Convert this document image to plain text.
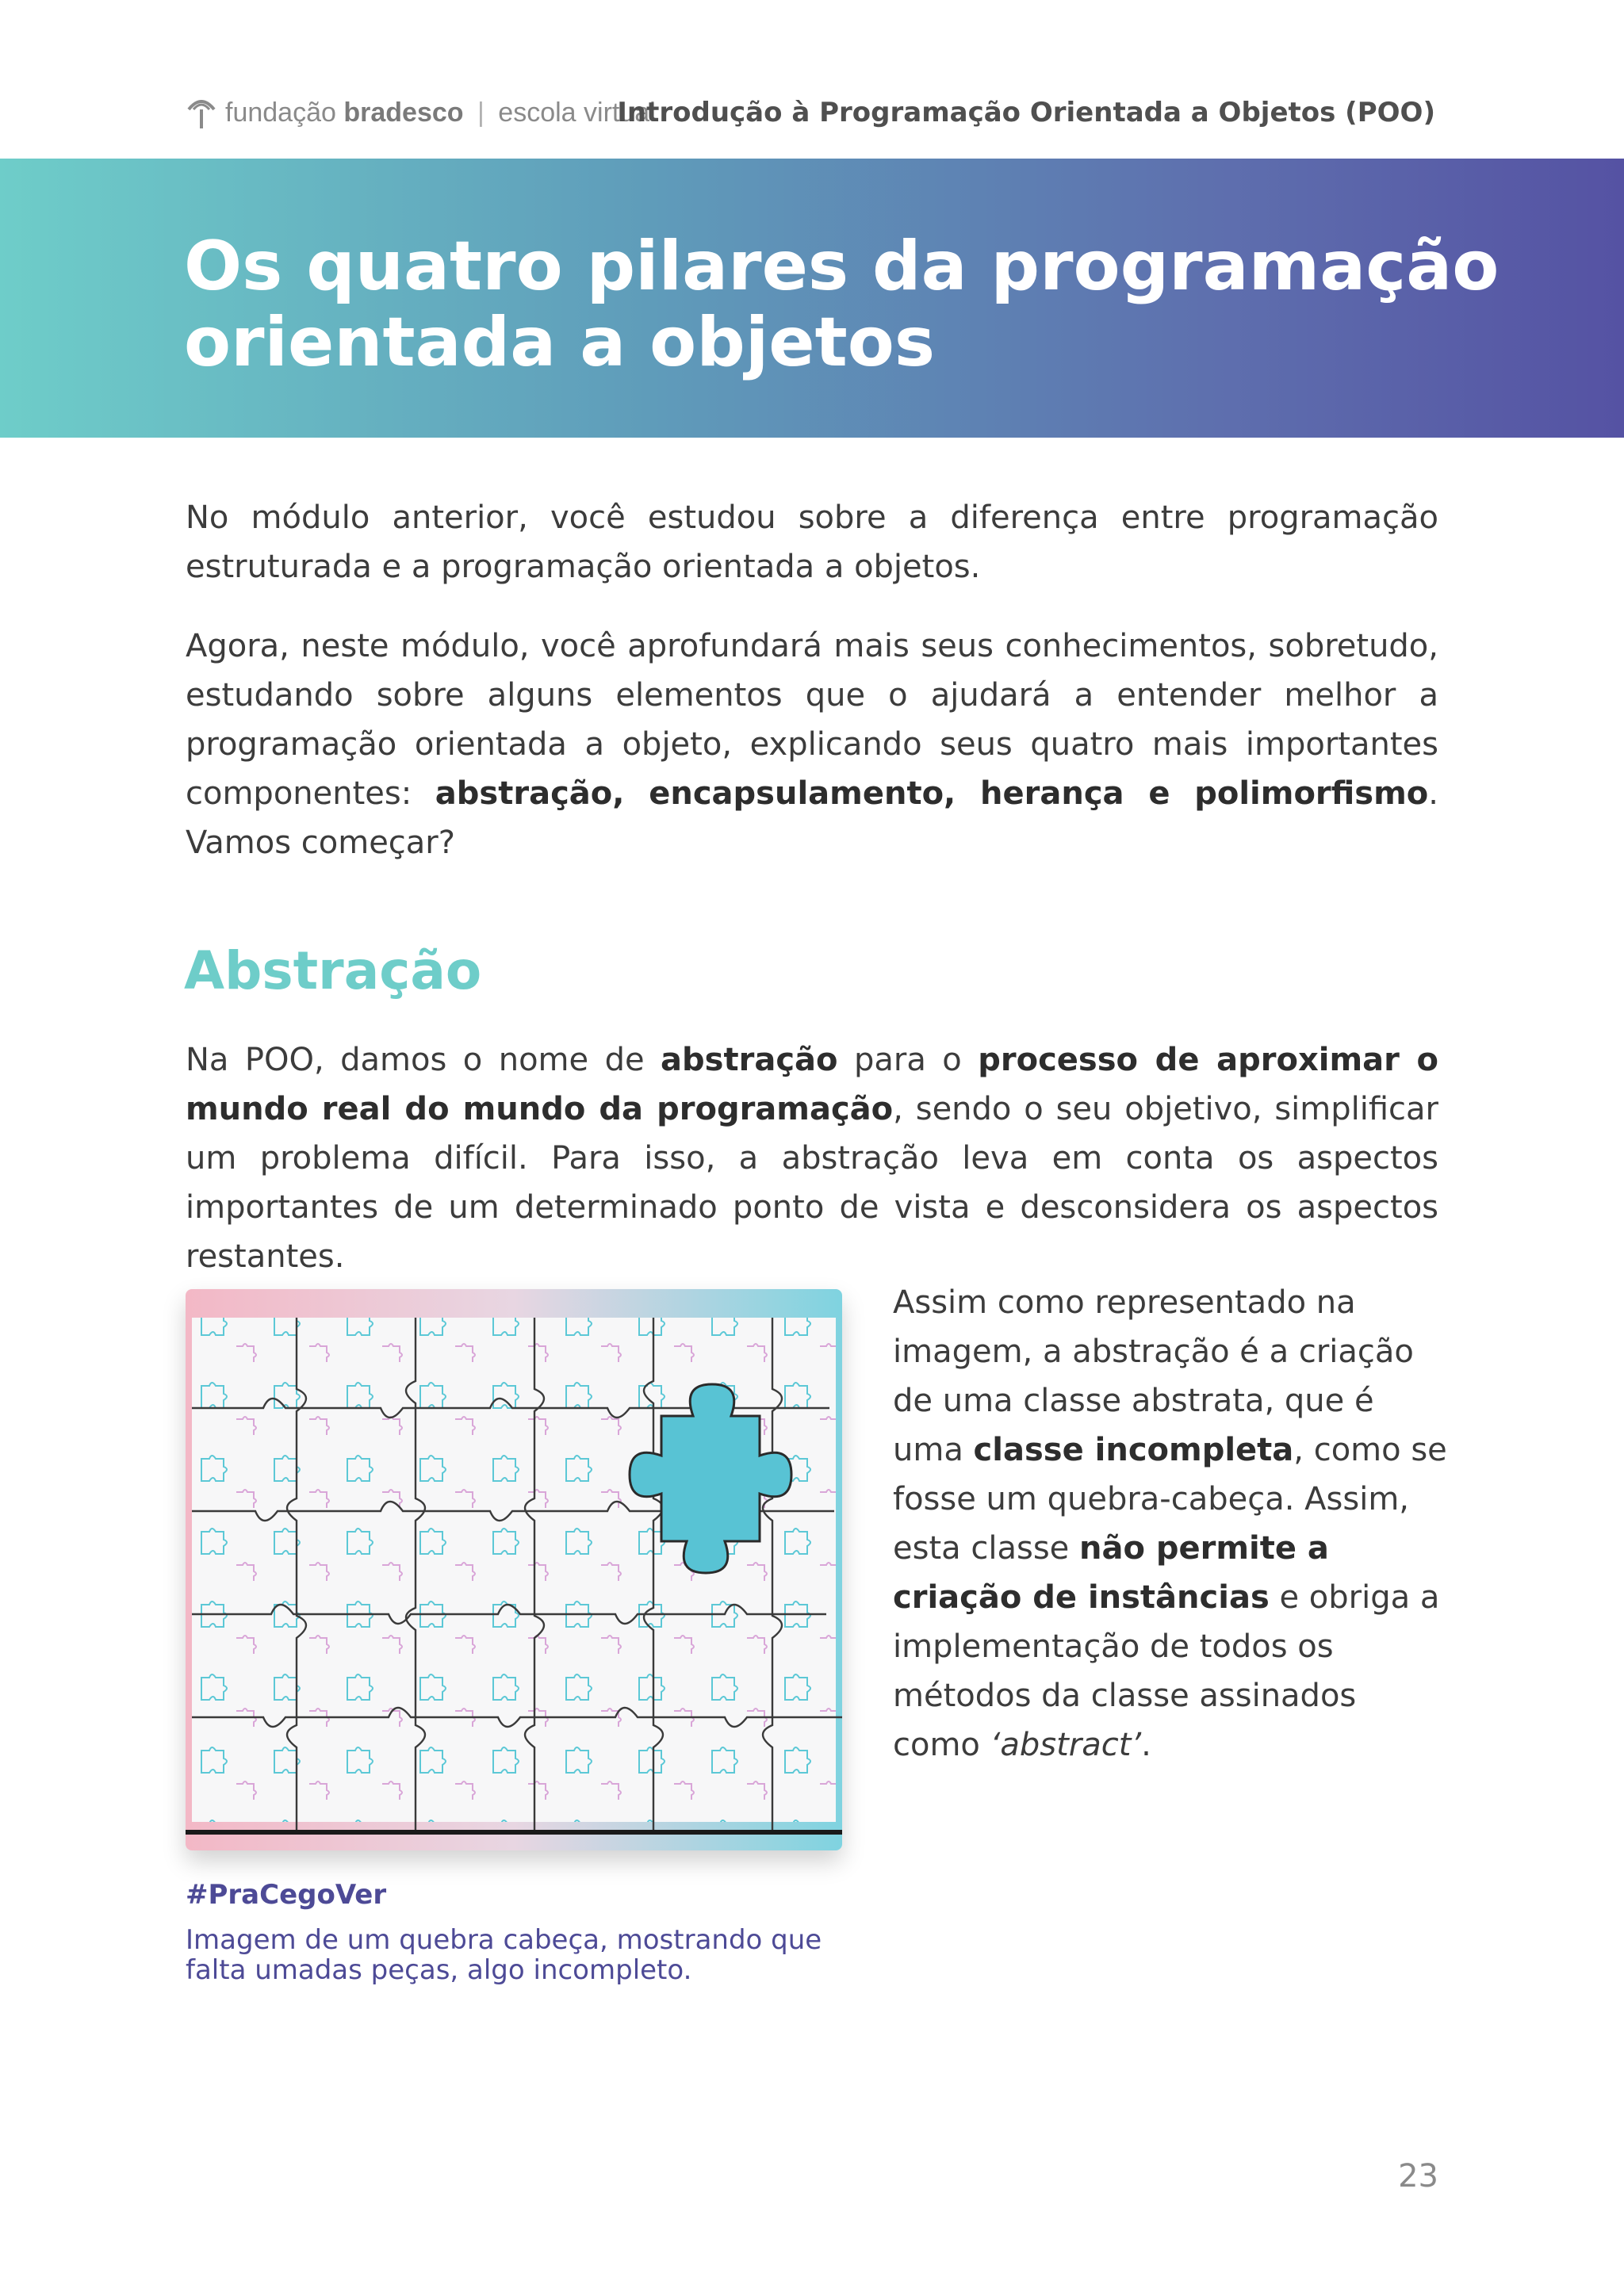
fundação bradesco | escola virtual
Introdução à Programação Orientada a Objetos (POO)
Os quatro pilares da programação orientada a objetos

No módulo anterior, você estudou sobre a diferença entre programação estruturada e a programação orientada a objetos.

Agora, neste módulo, você aprofundará mais seus conhecimentos, sobretudo, estudando sobre alguns elementos que o ajudará a entender melhor a programação orientada a objeto, explicando seus quatro mais importantes componentes: abstração, encapsulamento, herança e polimorfismo. Vamos começar?

Abstração

Na POO, damos o nome de abstração para o processo de aproximar o mundo real do mundo da programação, sendo o seu objetivo, simplificar um problema difícil. Para isso, a abstração leva em conta os aspectos importantes de um determinado ponto de vista e desconsidera os aspectos restantes.

Assim como representado na imagem, a abstração é a criação de uma classe abstrata, que é uma classe incompleta, como se fosse um quebra-cabeça. Assim, esta classe não permite a criação de instâncias e obriga a implementação de todos os métodos da classe assinados como ‘abstract’.

#PraCegoVer

Imagem de um quebra cabeça, mostrando que falta umadas peças, algo incompleto.

23
